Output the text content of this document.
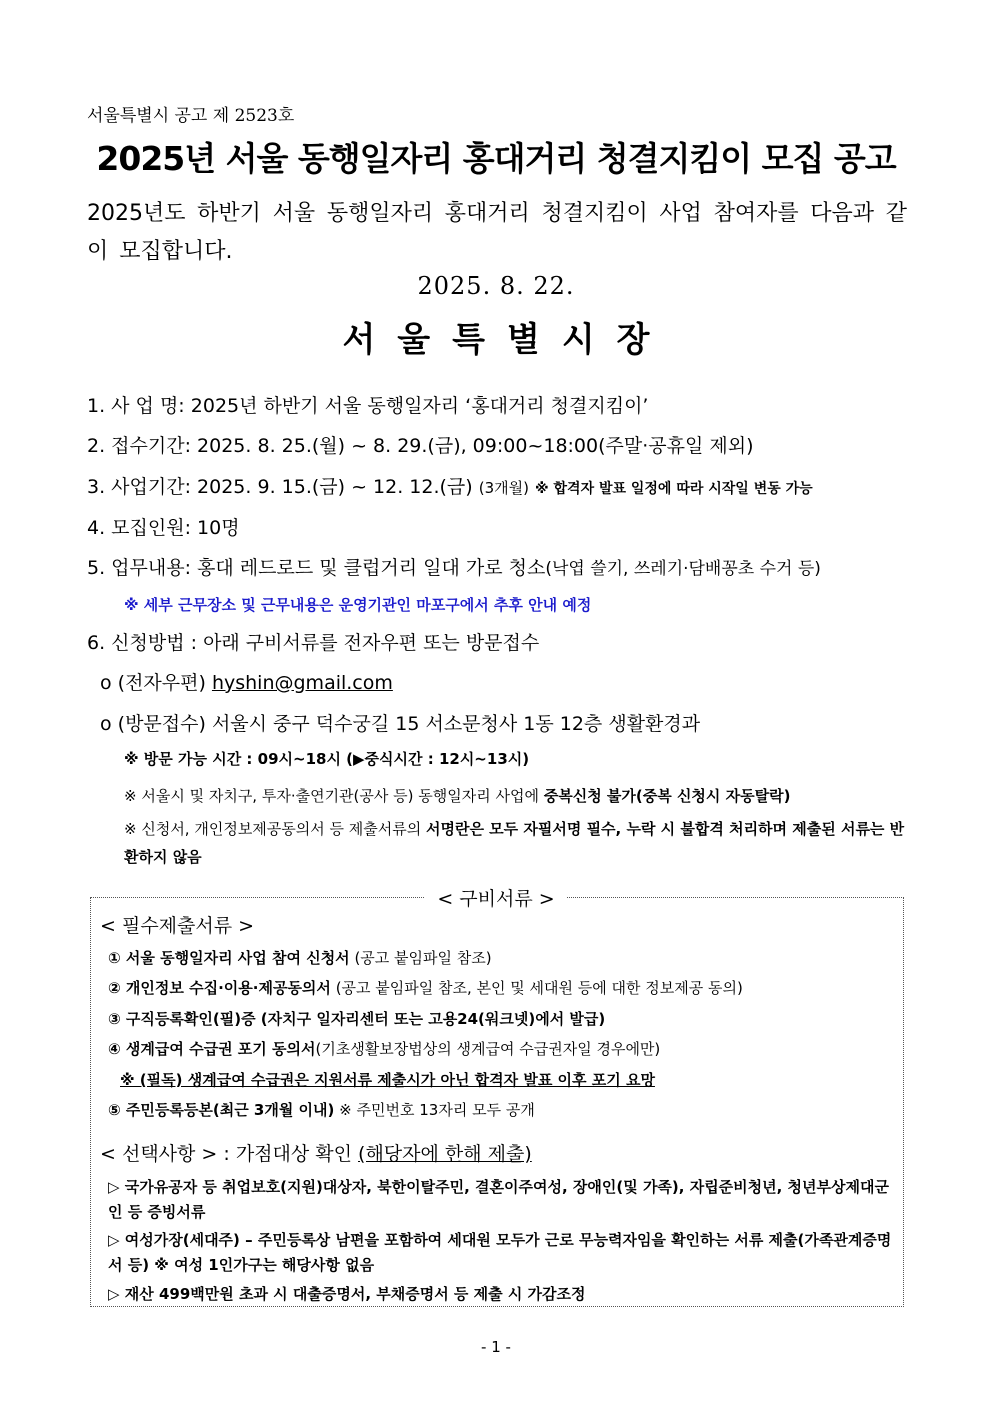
서울특별시 공고 제 2523호
2025년 서울 동행일자리 홍대거리 청결지킴이 모집 공고
2025년도 하반기 서울 동행일자리 홍대거리 청결지킴이 사업 참여자를 다음과 같이 모집합니다.
2025. 8. 22.
서울특별시장
1. 사 업 명: 2025년 하반기 서울 동행일자리 ‘홍대거리 청결지킴이’
2. 접수기간: 2025. 8. 25.(월) ~ 8. 29.(금), 09:00~18:00(주말·공휴일 제외)
3. 사업기간: 2025. 9. 15.(금) ~ 12. 12.(금) (3개월) ※ 합격자 발표 일정에 따라 시작일 변동 가능
4. 모집인원: 10명
5. 업무내용: 홍대 레드로드 및 클럽거리 일대 가로 청소(낙엽 쓸기, 쓰레기·담배꽁초 수거 등)
※ 세부 근무장소 및 근무내용은 운영기관인 마포구에서 추후 안내 예정
6. 신청방법 : 아래 구비서류를 전자우편 또는 방문접수
o (전자우편) hyshin@gmail.com
o (방문접수) 서울시 중구 덕수궁길 15 서소문청사 1동 12층 생활환경과
※ 방문 가능 시간 : 09시~18시 (▶중식시간 : 12시~13시)
※ 서울시 및 자치구, 투자·출연기관(공사 등) 동행일자리 사업에 중복신청 불가(중복 신청시 자동탈락)
※ 신청서, 개인정보제공동의서 등 제출서류의 서명란은 모두 자필서명 필수, 누락 시 불합격 처리하며 제출된 서류는 반환하지 않음
< 구비서류 >
< 필수제출서류 >
① 서울 동행일자리 사업 참여 신청서 (공고 붙임파일 참조)
② 개인정보 수집·이용·제공동의서 (공고 붙임파일 참조, 본인 및 세대원 등에 대한 정보제공 동의)
③ 구직등록확인(필)증 (자치구 일자리센터 또는 고용24(워크넷)에서 발급)
④ 생계급여 수급권 포기 동의서(기초생활보장법상의 생계급여 수급권자일 경우에만)
※ (필독) 생계급여 수급권은 지원서류 제출시가 아닌 합격자 발표 이후 포기 요망
⑤ 주민등록등본(최근 3개월 이내) ※ 주민번호 13자리 모두 공개
< 선택사항 > : 가점대상 확인 (해당자에 한해 제출)
▷ 국가유공자 등 취업보호(지원)대상자, 북한이탈주민, 결혼이주여성, 장애인(및 가족), 자립준비청년, 청년부상제대군인 등 증빙서류
▷ 여성가장(세대주) – 주민등록상 남편을 포함하여 세대원 모두가 근로 무능력자임을 확인하는 서류 제출(가족관계증명서 등) ※ 여성 1인가구는 해당사항 없음
▷ 재산 499백만원 초과 시 대출증명서, 부채증명서 등 제출 시 가감조정
- 1 -
